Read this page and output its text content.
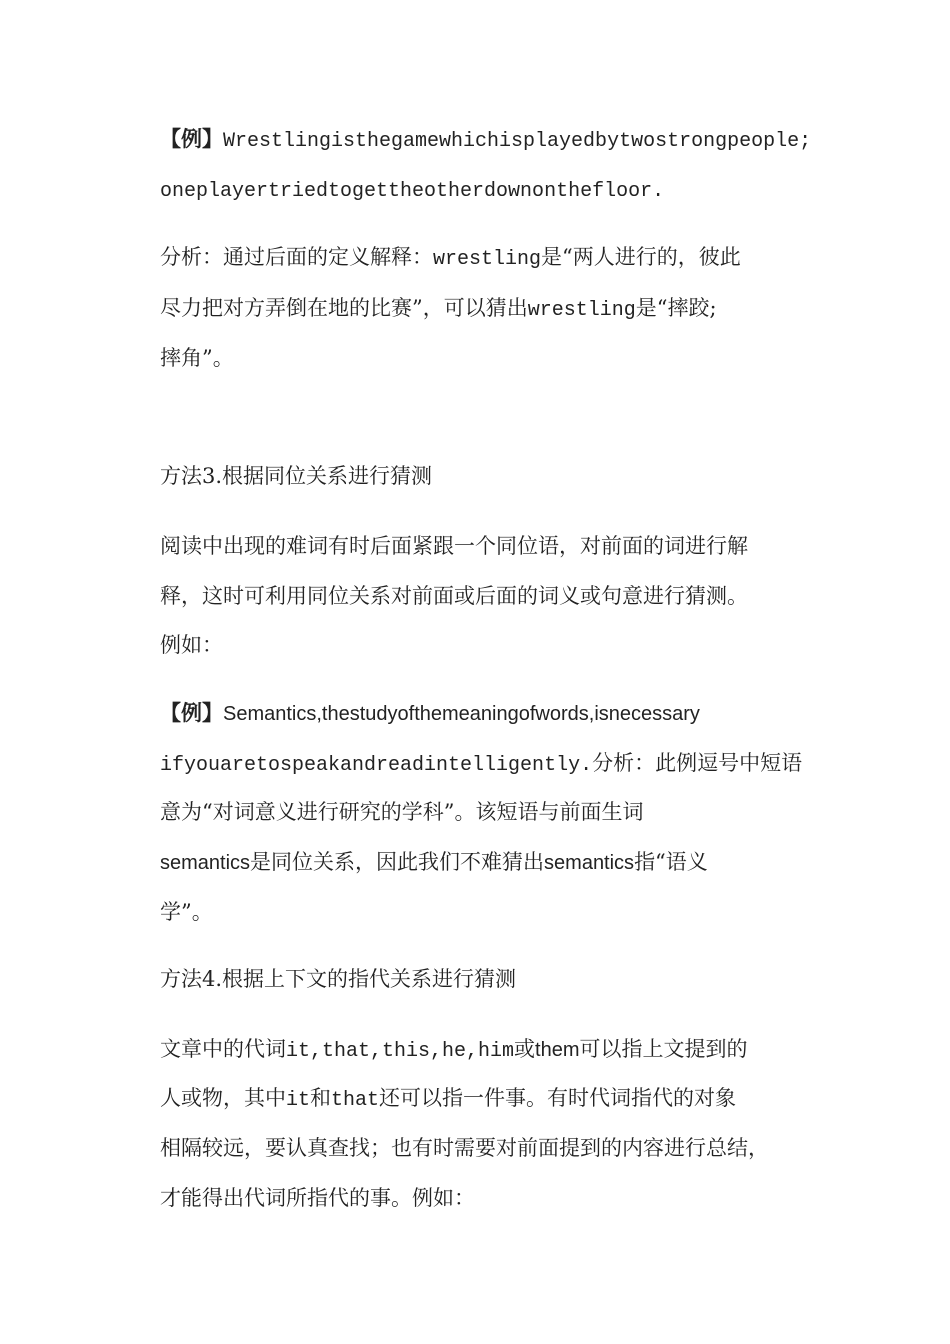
【例】Wrestlingisthegamewhichisplayedbytwostrongpeople;
oneplayertriedtogettheotherdownonthefloor.
分析：通过后面的定义解释：wrestling是“两人进行的，彼此
尽力把对方弄倒在地的比赛”，可以猜出wrestling是“摔跤;
摔角”。
方法3.根据同位关系进行猜测
阅读中出现的难词有时后面紧跟一个同位语，对前面的词进行解
释，这时可利用同位关系对前面或后面的词义或句意进行猜测。
例如：
【例】Semantics,thestudyofthemeaningofwords,isnecessary
ifyouaretospeakandreadintelligently.分析：此例逗号中短语
意为“对词意义进行研究的学科”。该短语与前面生词
semantics是同位关系，因此我们不难猜出semantics指“语义
学”。
方法4.根据上下文的指代关系进行猜测
文章中的代词it,that,this,he,him或them可以指上文提到的
人或物，其中it和that还可以指一件事。有时代词指代的对象
相隔较远，要认真查找；也有时需要对前面提到的内容进行总结，
才能得出代词所指代的事。例如：
